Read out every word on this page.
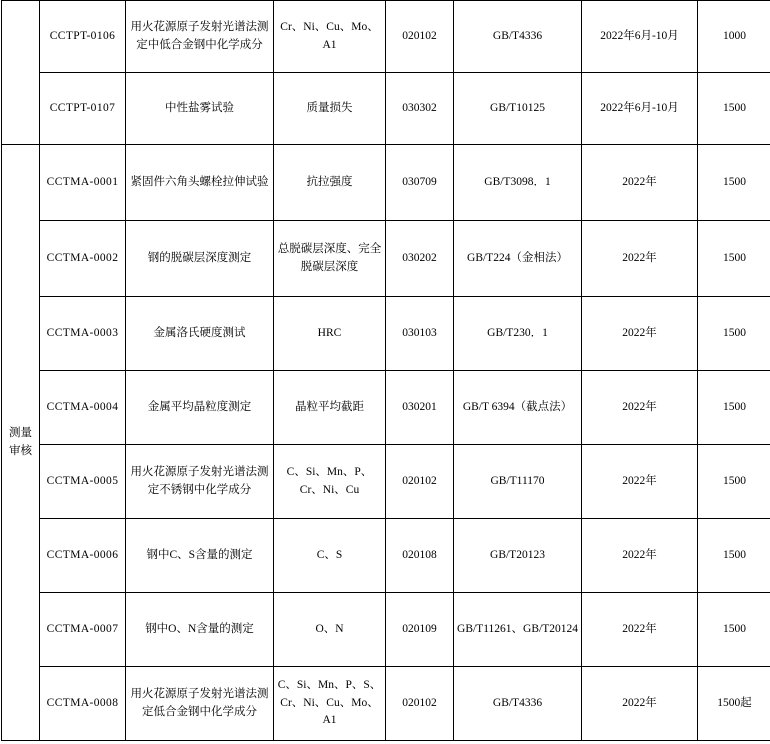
	CCTPT-0106	用火花源原子发射光谱法测定中低合金钢中化学成分	Cr、Ni、Cu、Mo、A1	020102	GB/T4336	2022年6月-10月	1000
	CCTPT-0107	中性盐雾试验	质量损失	030302	GB/T10125	2022年6月-10月	1500

测量审核	CCTMA-0001	紧固件六角头螺栓拉伸试验	抗拉强度	030709	GB/T3098．1	2022年	1500
	CCTMA-0002	钢的脱碳层深度测定	总脱碳层深度、完全脱碳层深度	030202	GB/T224（金相法）	2022年	1500
	CCTMA-0003	金属洛氏硬度测试	HRC	030103	GB/T230．1	2022年	1500
	CCTMA-0004	金属平均晶粒度测定	晶粒平均截距	030201	GB/T 6394（截点法）	2022年	1500
	CCTMA-0005	用火花源原子发射光谱法测定不锈钢中化学成分	C、Si、Mn、P、Cr、Ni、Cu	020102	GB/T11170	2022年	1500
	CCTMA-0006	钢中C、S含量的测定	C、S	020108	GB/T20123	2022年	1500
	CCTMA-0007	钢中O、N含量的测定	O、N	020109	GB/T11261、GB/T20124	2022年	1500
	CCTMA-0008	用火花源原子发射光谱法测定低合金钢中化学成分	C、Si、Mn、P、S、Cr、Ni、Cu、Mo、A1	020102	GB/T4336	2022年	1500起
